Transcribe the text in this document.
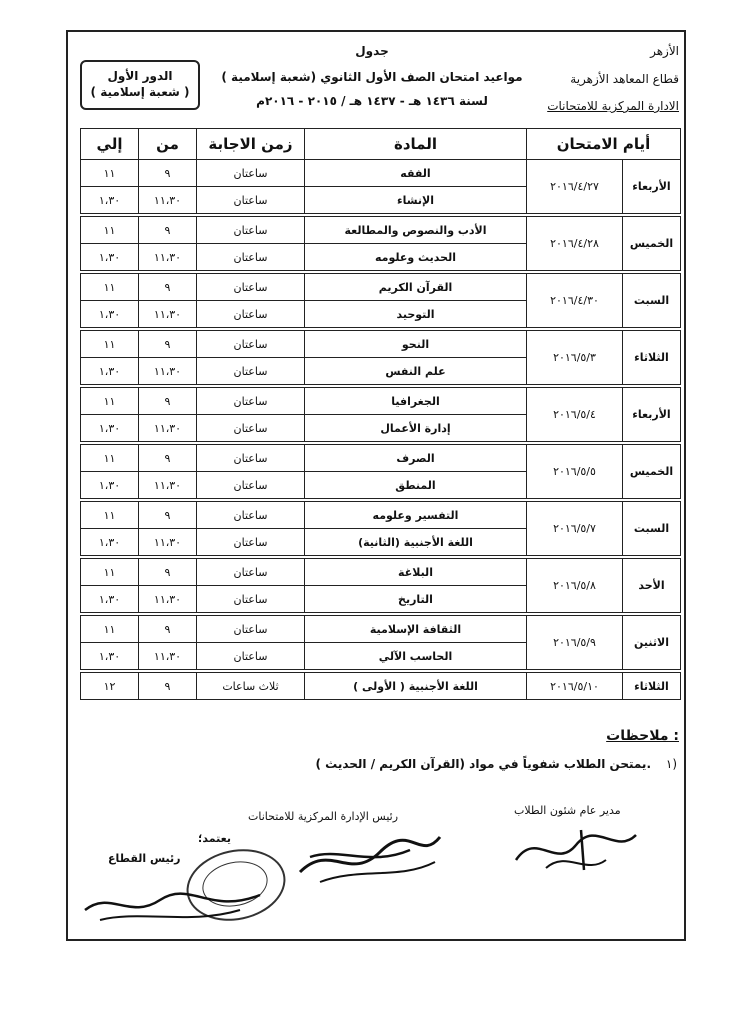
الأزهر
قطاع المعاهد الأزهرية
الادارة المركزية للامتحانات
جدول
مواعيد امتحان الصف الأول الثانوي (شعبة إسلامية )
لسنة ١٤٣٦ هـ - ١٤٣٧ هـ / ٢٠١٥ - ٢٠١٦م
الدور الأول
( شعبة إسلامية )
أيام الامتحان		المادة	زمن الاجابة	من	إلي
الأربعاء	٢٠١٦/٤/٢٧	الفقه	ساعتان	٩	١١
		الإنشاء	ساعتان	١١،٣٠	١،٣٠

الخميس	٢٠١٦/٤/٢٨	الأدب والنصوص والمطالعة	ساعتان	٩	١١
		الحديث وعلومه	ساعتان	١١،٣٠	١،٣٠

السبت	٢٠١٦/٤/٣٠	القرآن الكريم	ساعتان	٩	١١
		التوحيد	ساعتان	١١،٣٠	١،٣٠

الثلاثاء	٢٠١٦/٥/٣	النحو	ساعتان	٩	١١
		علم النفس	ساعتان	١١،٣٠	١،٣٠

الأربعاء	٢٠١٦/٥/٤	الجغرافيا	ساعتان	٩	١١
		إدارة الأعمال	ساعتان	١١،٣٠	١،٣٠

الخميس	٢٠١٦/٥/٥	الصرف	ساعتان	٩	١١
		المنطق	ساعتان	١١،٣٠	١،٣٠

السبت	٢٠١٦/٥/٧	التفسير وعلومه	ساعتان	٩	١١
		اللغة الأجنبية (الثانية)	ساعتان	١١،٣٠	١،٣٠

الأحد	٢٠١٦/٥/٨	البلاغة	ساعتان	٩	١١
		التاريخ	ساعتان	١١،٣٠	١،٣٠

الاثنين	٢٠١٦/٥/٩	الثقافة الإسلامية	ساعتان	٩	١١
		الحاسب الآلي	ساعتان	١١،٣٠	١،٣٠

الثلاثاء	٢٠١٦/٥/١٠	اللغة الأجنبية ( الأولى )	ثلاث ساعات	٩	١٢
ملاحظات :
يمتحن الطلاب شفوياً في مواد (القرآن الكريم / الحديث ). ١)
مدير عام شئون الطلاب
رئيس الإدارة المركزية للامتحانات
يعتمد؛
رئيس القطاع
